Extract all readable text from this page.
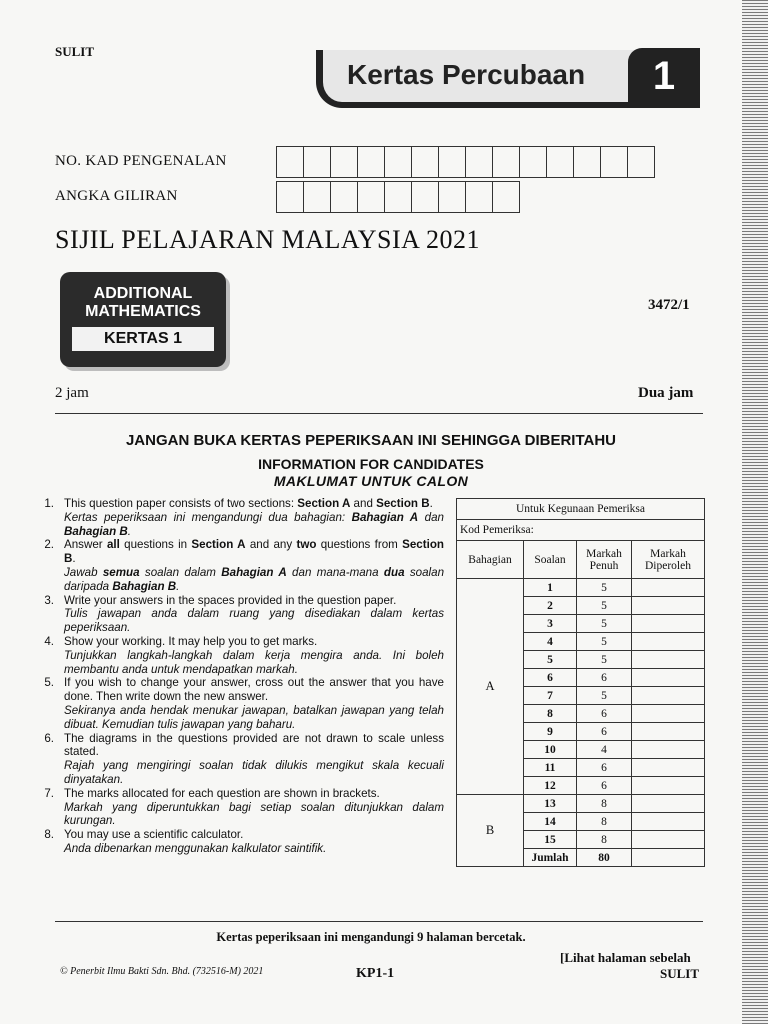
SULIT
Kertas Percubaan	1
NO. KAD PENGENALAN
ANGKA GILIRAN
SIJIL PELAJARAN MALAYSIA 2021
ADDITIONAL
MATHEMATICS
KERTAS 1
3472/1
2 jam	Dua jam
JANGAN BUKA KERTAS PEPERIKSAAN INI SEHINGGA DIBERITAHU
INFORMATION FOR CANDIDATES
MAKLUMAT UNTUK CALON
1. This question paper consists of two sections: Section A and Section B.
Kertas peperiksaan ini mengandungi dua bahagian: Bahagian A dan Bahagian B.
2. Answer all questions in Section A and any two questions from Section B.
Jawab semua soalan dalam Bahagian A dan mana-mana dua soalan daripada Bahagian B.
3. Write your answers in the spaces provided in the question paper.
Tulis jawapan anda dalam ruang yang disediakan dalam kertas peperiksaan.
4. Show your working. It may help you to get marks.
Tunjukkan langkah-langkah dalam kerja mengira anda. Ini boleh membantu anda untuk mendapatkan markah.
5. If you wish to change your answer, cross out the answer that you have done. Then write down the new answer.
Sekiranya anda hendak menukar jawapan, batalkan jawapan yang telah dibuat. Kemudian tulis jawapan yang baharu.
6. The diagrams in the questions provided are not drawn to scale unless stated.
Rajah yang mengiringi soalan tidak dilukis mengikut skala kecuali dinyatakan.
7. The marks allocated for each question are shown in brackets.
Markah yang diperuntukkan bagi setiap soalan ditunjukkan dalam kurungan.
8. You may use a scientific calculator.
Anda dibenarkan menggunakan kalkulator saintifik.
Untuk Kegunaan Pemeriksa			
Kod Pemeriksa:			
Bahagian	Soalan	Markah Penuh	Markah Diperoleh
A	1	5	
	2	5	
	3	5	
	4	5	
	5	5	
	6	6	
	7	5	
	8	6	
	9	6	
	10	4	
	11	6	
	12	6	
B	13	8	
	14	8	
	15	8	
	Jumlah	80	
Kertas peperiksaan ini mengandungi 9 halaman bercetak.
[Lihat halaman sebelah
SULIT
© Penerbit Ilmu Bakti Sdn. Bhd. (732516-M) 2021	KP1-1
